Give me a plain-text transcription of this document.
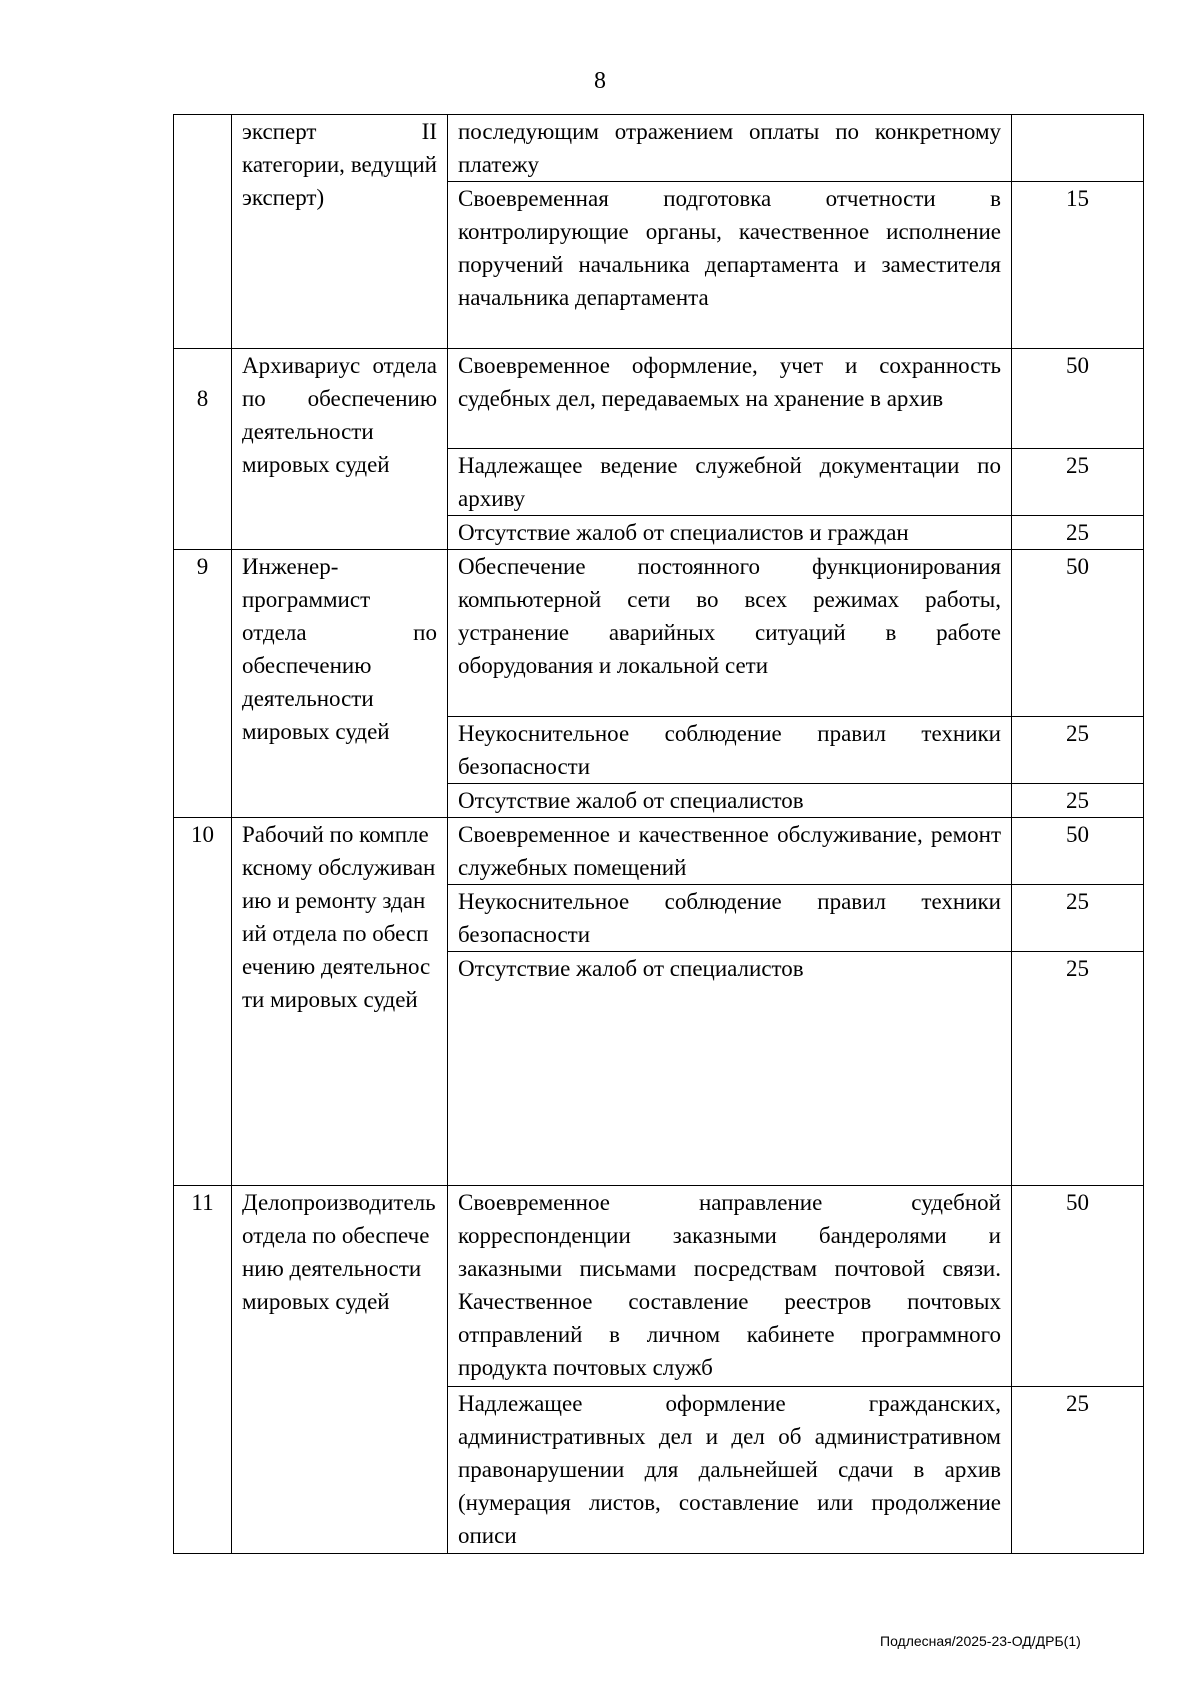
8
	эксперт II категории, ведущий эксперт)	последующим отражением оплаты по конкретному платежу	
		Своевременная подготовка отчетности в контролирующие органы, качественное исполнение поручений начальника департамента и заместителя начальника департамента	15

8	Архивариус отдела по обеспечению деятельности мировых судей	Своевременное оформление, учет и сохранность судебных дел, передаваемых на хранение в архив	50
		Надлежащее ведение служебной документации по архиву	25
		Отсутствие жалоб от специалистов и граждан	25
9	Инженер-программист отдела по обеспечению деятельности мировых судей	Обеспечение постоянного функционирования компьютерной сети во всех режимах работы, устранение аварийных ситуаций в работе оборудования и локальной сети	50
		Неукоснительное соблюдение правил техники безопасности	25
		Отсутствие жалоб от специалистов	25
10	Рабочий по комплексному обслуживанию и ремонту зданий отдела по обеспечению деятельности мировых судей	Своевременное и качественное обслуживание, ремонт служебных помещений	50
		Неукоснительное соблюдение правил техники безопасности	25
		Отсутствие жалоб от специалистов	25
11	Делопроизводитель отдела по обеспечению деятельности мировых судей	Своевременное направление судебной корреспонденции заказными бандеролями и заказными письмами посредствам почтовой связи. Качественное составление реестров почтовых отправлений в личном кабинете программного продукта почтовых служб	50
		Надлежащее оформление гражданских, административных дел и дел об административном правонарушении для дальнейшей сдачи в архив (нумерация листов, составление или продолжение описи	25
Подлесная/2025-23-ОД/ДРБ(1)
